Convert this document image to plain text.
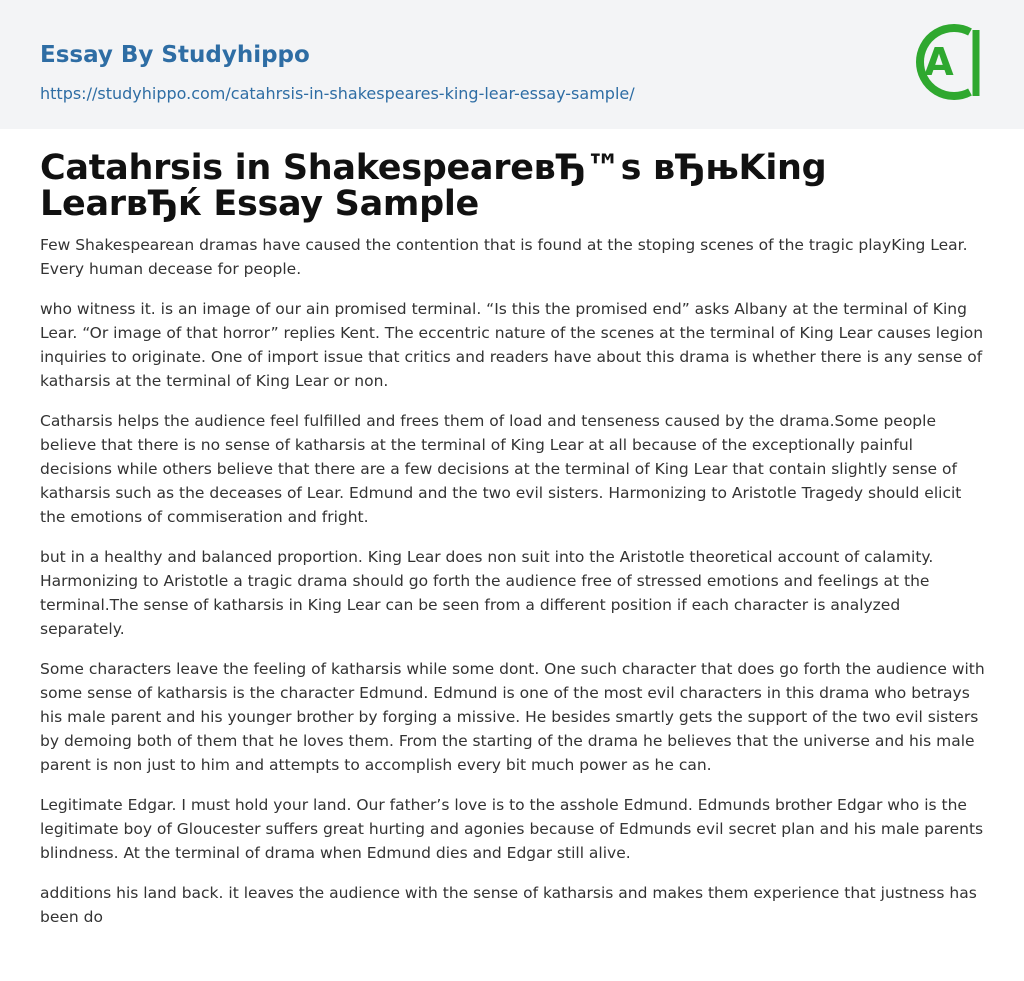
Essay By Studyhippo
https://studyhippo.com/catahrsis-in-shakespeares-king-lear-essay-sample/
A
Catahrsis in ShakespeareвЂ™s вЂњKing LearвЂќ Essay Sample

Few Shakespearean dramas have caused the contention that is found at the stoping scenes of the tragic playKing Lear. Every human decease for people.

who witness it. is an image of our ain promised terminal. “Is this the promised end” asks Albany at the terminal of King Lear. “Or image of that horror” replies Kent. The eccentric nature of the scenes at the terminal of King Lear causes legion inquiries to originate. One of import issue that critics and readers have about this drama is whether there is any sense of katharsis at the terminal of King Lear or non.

Catharsis helps the audience feel fulfilled and frees them of load and tenseness caused by the drama.Some people believe that there is no sense of katharsis at the terminal of King Lear at all because of the exceptionally painful decisions while others believe that there are a few decisions at the terminal of King Lear that contain slightly sense of katharsis such as the deceases of Lear. Edmund and the two evil sisters. Harmonizing to Aristotle Tragedy should elicit the emotions of commiseration and fright.

but in a healthy and balanced proportion. King Lear does non suit into the Aristotle theoretical account of calamity. Harmonizing to Aristotle a tragic drama should go forth the audience free of stressed emotions and feelings at the terminal.The sense of katharsis in King Lear can be seen from a different position if each character is analyzed separately.

Some characters leave the feeling of katharsis while some dont. One such character that does go forth the audience with some sense of katharsis is the character Edmund. Edmund is one of the most evil characters in this drama who betrays his male parent and his younger brother by forging a missive. He besides smartly gets the support of the two evil sisters by demoing both of them that he loves them. From the starting of the drama he believes that the universe and his male parent is non just to him and attempts to accomplish every bit much power as he can.

Legitimate Edgar. I must hold your land. Our father’s love is to the asshole Edmund. Edmunds brother Edgar who is the legitimate boy of Gloucester suffers great hurting and agonies because of Edmunds evil secret plan and his male parents blindness. At the terminal of drama when Edmund dies and Edgar still alive.

additions his land back. it leaves the audience with the sense of katharsis and makes them experience that justness has been do
